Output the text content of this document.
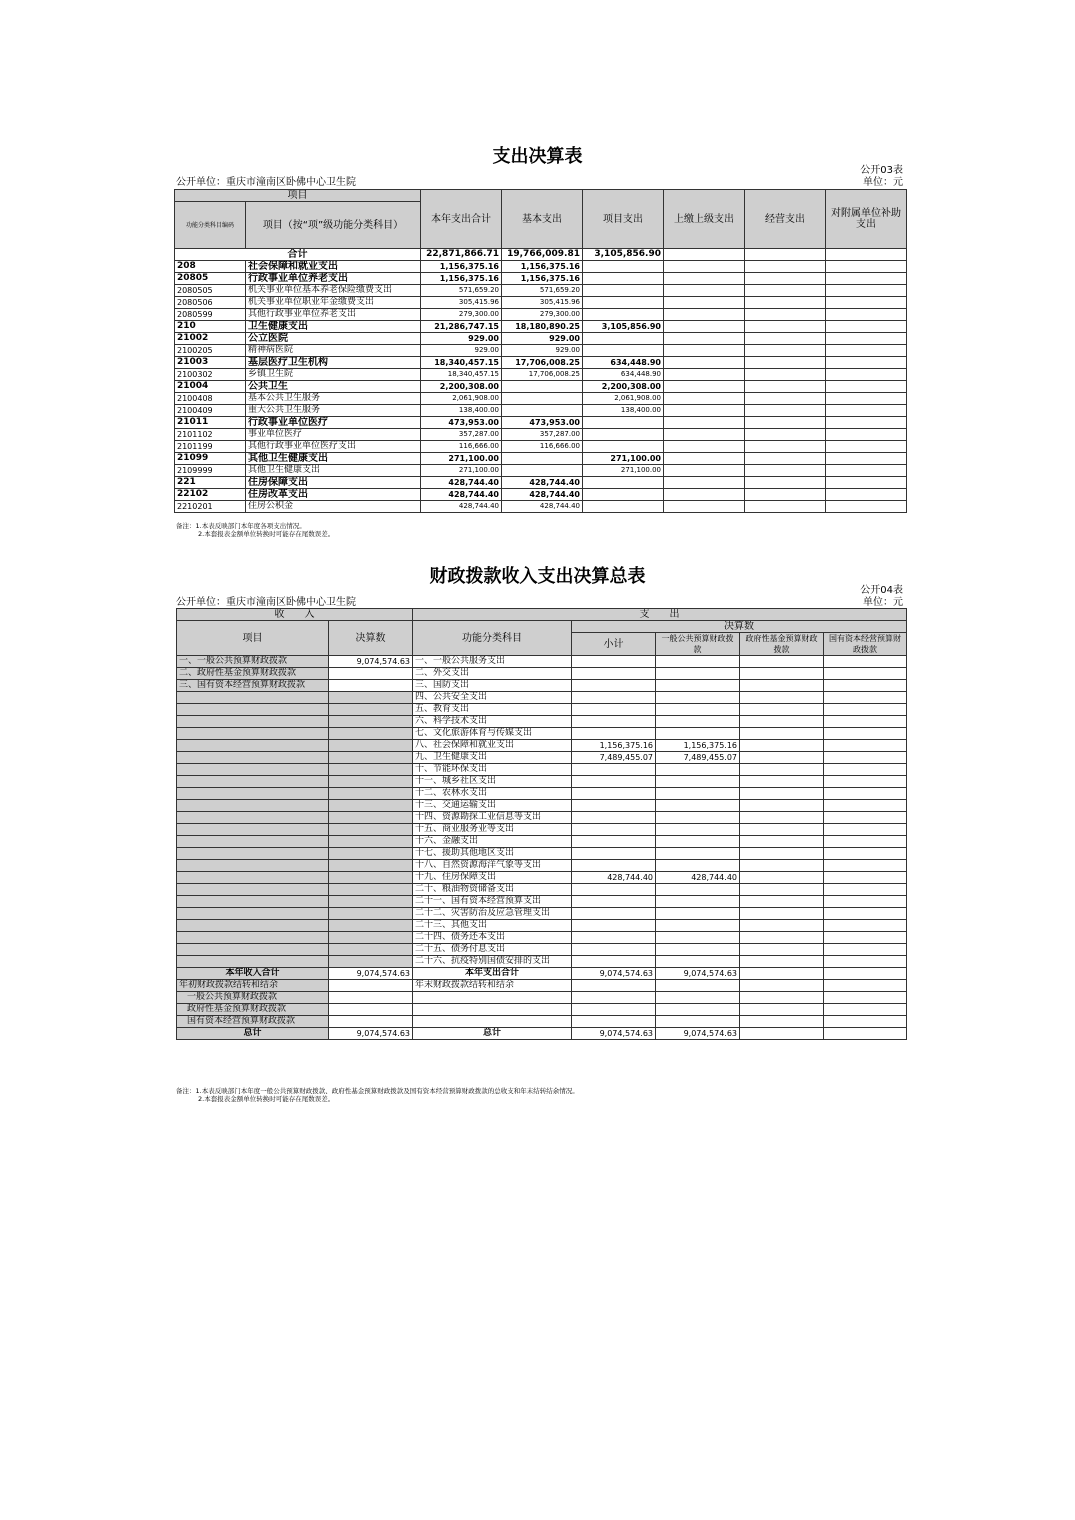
支出决算表
公开03表
公开单位：重庆市潼南区卧佛中心卫生院	单位：元
项目		本年支出合计	基本支出	项目支出	上缴上级支出	经营支出	对附属单位补助支出
功能分类科目编码	项目（按“项”级功能分类科目）						
合计		22,871,866.71	19,766,009.81	3,105,856.90			
208	社会保障和就业支出	1,156,375.16	1,156,375.16				
20805	行政事业单位养老支出	1,156,375.16	1,156,375.16				
2080505	机关事业单位基本养老保险缴费支出	571,659.20	571,659.20				
2080506	机关事业单位职业年金缴费支出	305,415.96	305,415.96				
2080599	其他行政事业单位养老支出	279,300.00	279,300.00				
210	卫生健康支出	21,286,747.15	18,180,890.25	3,105,856.90			
21002	公立医院	929.00	929.00				
2100205	精神病医院	929.00	929.00				
21003	基层医疗卫生机构	18,340,457.15	17,706,008.25	634,448.90			
2100302	乡镇卫生院	18,340,457.15	17,706,008.25	634,448.90			
21004	公共卫生	2,200,308.00		2,200,308.00			
2100408	基本公共卫生服务	2,061,908.00		2,061,908.00			
2100409	重大公共卫生服务	138,400.00		138,400.00			
21011	行政事业单位医疗	473,953.00	473,953.00				
2101102	事业单位医疗	357,287.00	357,287.00				
2101199	其他行政事业单位医疗支出	116,666.00	116,666.00				
21099	其他卫生健康支出	271,100.00		271,100.00			
2109999	其他卫生健康支出	271,100.00		271,100.00			
221	住房保障支出	428,744.40	428,744.40				
22102	住房改革支出	428,744.40	428,744.40				
2210201	住房公积金	428,744.40	428,744.40				
备注：1.本表反映部门本年度各项支出情况。
2.本套报表金额单位转换时可能存在尾数误差。
财政拨款收入支出决算总表
公开04表
公开单位：重庆市潼南区卧佛中心卫生院	单位：元
收　　入		支　　出				
项目	决算数	功能分类科目	决算数			
			小计	一般公共预算财政拨款	政府性基金预算财政拨款	国有资本经营预算财政拨款

一、一般公共预算财政拨款	9,074,574.63	一、一般公共服务支出				
二、政府性基金预算财政拨款		二、外交支出				
三、国有资本经营预算财政拨款		三、国防支出				
		四、公共安全支出				
		五、教育支出				
		六、科学技术支出				
		七、文化旅游体育与传媒支出				
		八、社会保障和就业支出	1,156,375.16	1,156,375.16		
		九、卫生健康支出	7,489,455.07	7,489,455.07		
		十、节能环保支出				
		十一、城乡社区支出				
		十二、农林水支出				
		十三、交通运输支出				
		十四、资源勘探工业信息等支出				
		十五、商业服务业等支出				
		十六、金融支出				
		十七、援助其他地区支出				
		十八、自然资源海洋气象等支出				
		十九、住房保障支出	428,744.40	428,744.40		
		二十、粮油物资储备支出				
		二十一、国有资本经营预算支出				
		二十二、灾害防治及应急管理支出				
		二十三、其他支出				
		二十四、债务还本支出				
		二十五、债务付息支出				
		二十六、抗疫特别国债安排的支出				
本年收入合计	9,074,574.63	本年支出合计	9,074,574.63	9,074,574.63		
年初财政拨款结转和结余		年末财政拨款结转和结余				
一般公共预算财政拨款						
政府性基金预算财政拨款						
国有资本经营预算财政拨款						
总计	9,074,574.63	总计	9,074,574.63	9,074,574.63		
备注：1.本表反映部门本年度一般公共预算财政拨款、政府性基金预算财政拨款及国有资本经营预算财政拨款的总收支和年末结转结余情况。
2.本套报表金额单位转换时可能存在尾数误差。
